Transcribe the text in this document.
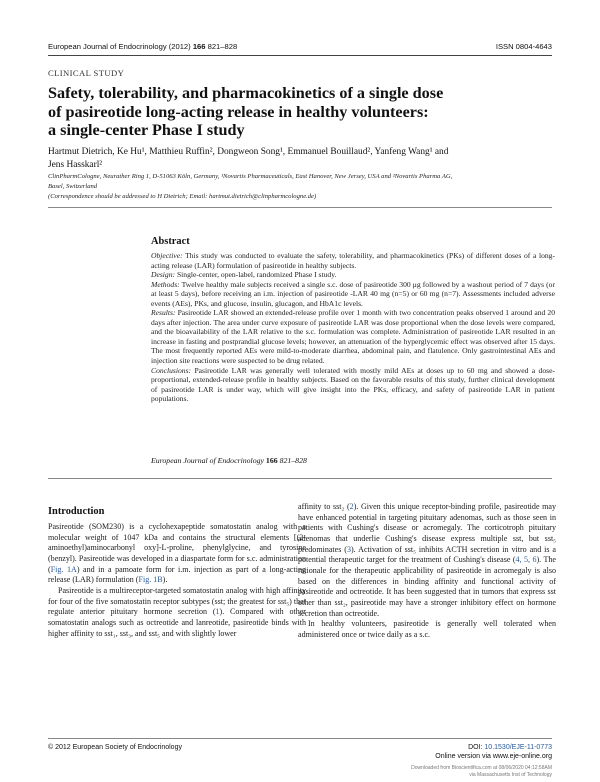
European Journal of Endocrinology (2012) 166 821–828	ISSN 0804-4643
CLINICAL STUDY
Safety, tolerability, and pharmacokinetics of a single dose
of pasireotide long-acting release in healthy volunteers:
a single-center Phase I study
Hartmut Dietrich, Ke Hu¹, Matthieu Ruffin², Dongweon Song¹, Emmanuel Bouillaud², Yanfeng Wang¹ and
Jens Hasskarl²
ClinPharmCologne, Neurather Ring 1, D-51063 Köln, Germany, ¹Novartis Pharmaceuticals, East Hanover, New Jersey, USA and ²Novartis Pharma AG,
Basel, Switzerland
(Correspondence should be addressed to H Dietrich; Email: hartmut.dietrich@clinpharmcologne.de)
Abstract

Objective: This study was conducted to evaluate the safety, tolerability, and pharmacokinetics (PKs) of different doses of a long-acting release (LAR) formulation of pasireotide in healthy subjects.

Design: Single-center, open-label, randomized Phase I study.

Methods: Twelve healthy male subjects received a single s.c. dose of pasireotide 300 μg followed by a washout period of 7 days (or at least 5 days), before receiving an i.m. injection of pasireotide -LAR 40 mg (n=5) or 60 mg (n=7). Assessments included adverse events (AEs), PKs, and glucose, insulin, glucagon, and HbA1c levels.

Results: Pasireotide LAR showed an extended-release profile over 1 month with two concentration peaks observed 1 around and 20 days after injection. The area under curve exposure of pasireotide LAR was dose proportional when the dose levels were compared, and the bioavailability of the LAR relative to the s.c. formulation was complete. Administration of pasireotide LAR resulted in an increase in fasting and postprandial glucose levels; however, an attenuation of the hyperglycemic effect was observed after 15 days. The most frequently reported AEs were mild-to-moderate diarrhea, abdominal pain, and flatulence. Only gastrointestinal AEs and injection site reactions were suspected to be drug related.

Conclusions: Pasireotide LAR was generally well tolerated with mostly mild AEs at doses up to 60 mg and showed a dose-proportional, extended-release profile in healthy subjects. Based on the favorable results of this study, further clinical development of pasireotide LAR is under way, which will give insight into the PKs, efficacy, and safety of pasireotide LAR in patient populations.

European Journal of Endocrinology 166 821–828
Introduction

Pasireotide (SOM230) is a cyclohexapeptide somatostatin analog with a molecular weight of 1047 kDa and contains the structural elements [(2-aminoethyl)aminocarbonyl oxy]-L-proline, phenylglycine, and tyrosine (benzyl). Pasireotide was developed in a diaspartate form for s.c. administration (Fig. 1A) and in a pamoate form for i.m. injection as part of a long-acting release (LAR) formulation (Fig. 1B).

Pasireotide is a multireceptor-targeted somatostatin analog with high affinity for four of the five somatostatin receptor subtypes (sst; the greatest for sst₅) that regulate anterior pituitary hormone secretion (1). Compared with other somatostatin analogs such as octreotide and lanreotide, pasireotide binds with higher affinity to sst₁, sst₃, and sst₅ and with slightly lower

affinity to sst₂ (2). Given this unique receptor-binding profile, pasireotide may have enhanced potential in targeting pituitary adenomas, such as those seen in patients with Cushing's disease or acromegaly. The corticotroph pituitary adenomas that underlie Cushing's disease express multiple sst, but sst₅ predominates (3). Activation of sst₅ inhibits ACTH secretion in vitro and is a potential therapeutic target for the treatment of Cushing's disease (4, 5, 6). The rationale for the therapeutic applicability of pasireotide in acromegaly is also based on the differences in binding affinity and functional activity of pasireotide and octreotide. It has been suggested that in tumors that express sst other than sst₂, pasireotide may have a stronger inhibitory effect on hormone secretion than octreotide.

In healthy volunteers, pasireotide is generally well tolerated when administered once or twice daily as a s.c.

© 2012 European Society of Endocrinology	DOI: 10.1530/EJE-11-0773
Online version via www.eje-online.org
Downloaded from Bioscientifica.com at 08/06/2020 04:12:58AM
via Massachusetts Inst of Technology
